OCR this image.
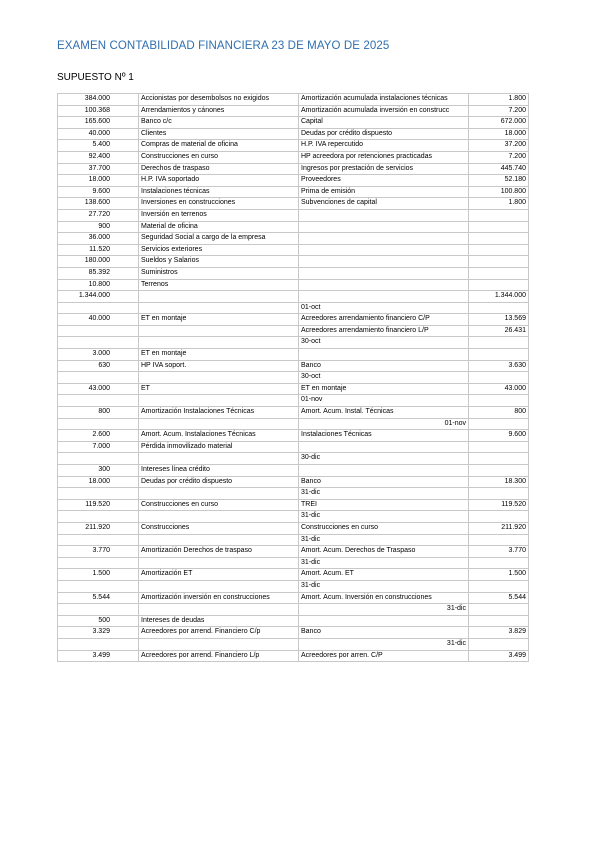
EXAMEN CONTABILIDAD FINANCIERA 23 DE MAYO DE 2025
SUPUESTO Nº 1
384.000	Accionistas por desembolsos no exigidos	Amortización acumulada instalaciones técnicas	1.800
100.368	Arrendamientos y cánones	Amortización acumulada inversión en construcc	7.200
165.600	Banco c/c	Capital	672.000
40.000	Clientes	Deudas por crédito dispuesto	18.000
5.400	Compras de material de oficina	H.P. IVA repercutido	37.200
92.400	Construcciones en curso	HP acreedora por retenciones practicadas	7.200
37.700	Derechos de traspaso	Ingresos por prestación de servicios	445.740
18.000	H.P. IVA soportado	Proveedores	52.180
9.600	Instalaciones técnicas	Prima de emisión	100.800
138.600	Inversiones en construcciones	Subvenciones de capital	1.800
27.720	Inversión en terrenos		
900	Material de oficina		
36.000	Seguridad Social a cargo de la empresa		
11.520	Servicios exteriores		
180.000	Sueldos y Salarios		
85.392	Suministros		
10.800	Terrenos		
1.344.000			1.344.000
		01-oct	
40.000	ET en montaje	Acreedores arrendamiento financiero C/P	13.569
		Acreedores arrendamiento financiero L/P	26.431
		30-oct	
3.000	ET en montaje		
630	HP IVA soport.	Banco	3.630
		30-oct	
43.000	ET	ET en montaje	43.000
		01-nov	
800	Amortización Instalaciones Técnicas	Amort. Acum. Instal. Técnicas	800
		01-nov	
2.600	Amort. Acum. Instalaciones Técnicas	Instalaciones Técnicas	9.600
7.000	Pérdida inmovilizado material		
		30-dic	
300	Intereses línea crédito		
18.000	Deudas por crédito dispuesto	Banco	18.300
		31-dic	
119.520	Construcciones en curso	TREI	119.520
		31-dic	
211.920	Construcciones	Construcciones en curso	211.920
		31-dic	
3.770	Amortización Derechos de traspaso	Amort. Acum. Derechos de Traspaso	3.770
		31-dic	
1.500	Amortización ET	Amort. Acum. ET	1.500
		31-dic	
5.544	Amortización inversión en construcciones	Amort. Acum. Inversión en construcciones	5.544
		31-dic	
500	Intereses de deudas		
3.329	Acreedores por arrend. Financiero C/p	Banco	3.829
		31-dic	
3.499	Acreedores por arrend. Financiero L/p	Acreedores por arren. C/P	3.499
